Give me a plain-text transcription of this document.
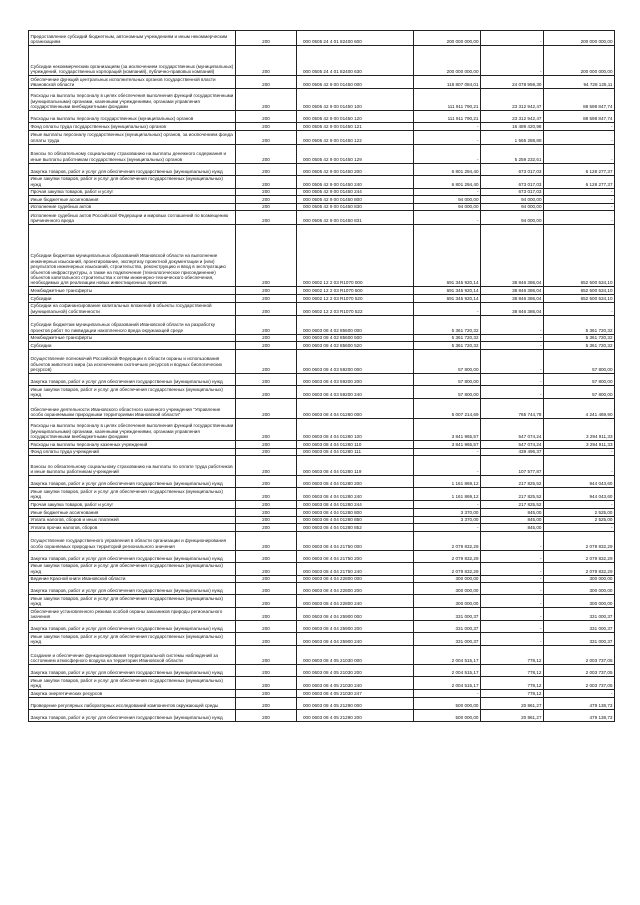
Предоставление субсидий бюджетным, автономным учреждениям и иным некоммерческим организациям	200	000 0505 24 4 01 82400 600	200 000 000,00	-	200 000 000,00
Субсидии некоммерческим организациям (за исключением государственных (муниципальных) учреждений, государственных корпораций (компаний), публично-правовых компаний)	200	000 0505 24 4 01 82400 630	200 000 000,00	-	200 000 000,00
Обеспечение функций центральных исполнительных органов государственной власти Ивановской области	200	000 0505 42 9 00 01450 000	118 807 084,01	24 078 959,30	94 728 125,11
Расходы на выплаты персоналу в целях обеспечения выполнения функций государственными (муниципальными) органами, казенными учреждениями, органами управления государственными внебюджетными фондами	200	000 0505 42 9 00 01450 100	111 911 790,21	23 312 942,47	88 598 847,74
Расходы на выплаты персоналу государственных (муниципальных) органов	200	000 0505 42 9 00 01450 120	111 911 790,21	23 312 942,47	88 598 847,74
Фонд оплаты труда государственных (муниципальных) органов	200	000 0505 42 9 00 01450 121	-	16 489 420,98	-
Иные выплаты персоналу государственных (муниципальных) органов, за исключением фонда оплаты труда	200	000 0505 42 9 00 01450 122	-	1 565 288,88	-
Взносы по обязательному социальному страхованию на выплаты денежного содержания и иные выплаты работникам государственных (муниципальных) органов	200	000 0505 42 9 00 01450 129	-	5 259 232,61	-
Закупка товаров, работ и услуг для обеспечения государственных (муниципальных) нужд	200	000 0505 42 9 00 01450 200	6 801 294,40	673 017,03	6 128 277,37
Иные закупки товаров, работ и услуг для обеспечения государственных (муниципальных) нужд	200	000 0505 42 9 00 01450 240	6 801 294,40	673 017,03	6 128 277,37
Прочая закупка товаров, работ и услуг	200	000 0505 42 9 00 01450 244	-	673 017,03	-
Иные бюджетные ассигнования	200	000 0505 42 9 00 01450 800	94 000,00	94 000,00	-
Исполнение судебных актов	200	000 0505 42 9 00 01450 830	94 000,00	94 000,00	-
Исполнение судебных актов Российской Федерации и мировых соглашений по возмещению причиненного вреда	200	000 0505 42 9 00 01450 831	-	94 000,00	-
Субсидии бюджетам муниципальных образований Ивановской области на выполнение инженерных изысканий, проектирование, экспертизу проектной документации и (или) результатов инженерных изысканий, строительство, реконструкцию и ввод в эксплуатацию объектов инфраструктуры, а также на подключение (технологическое присоединение) объектов капитального строительства к сетям инженерно-технического обеспечения, необходимых для реализации новых инвестиционных проектов	200	000 0602 12 2 03 R1070 000	691 345 920,14	38 846 386,04	652 500 534,10
Межбюджетные трансферты	200	000 0602 12 2 03 R1070 500	691 345 920,14	38 846 386,04	652 500 534,10
Субсидии	200	000 0602 12 2 03 R1070 520	691 345 920,14	38 846 386,04	652 500 534,10
Субсидии на софинансирование капитальных вложений в объекты государственной (муниципальной) собственности	200	000 0602 12 2 03 R1070 522	-	38 846 386,04	-
Субсидии бюджетам муниципальных образований Ивановской области на разработку проектов работ по ликвидации накопленного вреда окружающей среде	200	000 0603 08 4 02 85600 000	5 361 720,32	-	5 361 720,32
Межбюджетные трансферты	200	000 0603 08 4 02 85600 500	5 361 720,32	-	5 361 720,32
Субсидии	200	000 0603 08 4 02 85600 520	5 361 720,32	-	5 361 720,32
Осуществление полномочий Российской Федерации в области охраны и использования объектов животного мира (за исключением охотничьих ресурсов и водных биологических ресурсов)	200	000 0603 08 4 03 59200 000	57 800,00	-	57 800,00
Закупка товаров, работ и услуг для обеспечения государственных (муниципальных) нужд	200	000 0603 08 4 03 59200 200	57 800,00	-	57 800,00
Иные закупки товаров, работ и услуг для обеспечения государственных (муниципальных) нужд	200	000 0603 08 4 03 59200 240	57 800,00	-	57 800,00
Обеспечение деятельности Ивановского областного казенного учреждения "Управление особо охраняемыми природными территориями Ивановской области"	200	000 0603 08 4 04 01280 000	5 007 214,69	765 744,78	4 241 469,90
Расходы на выплаты персоналу в целях обеспечения выполнения функций государственными (муниципальными) органами, казенными учреждениями, органами управления государственными внебюджетными фондами	200	000 0603 08 4 04 01280 100	3 841 965,57	547 074,24	3 294 911,33
Расходы на выплаты персоналу казенных учреждений	200	000 0603 08 4 04 01280 110	3 841 965,57	547 074,24	3 294 911,33
Фонд оплаты труда учреждений	200	000 0603 08 4 04 01280 111	-	439 496,37	-
Взносы по обязательному социальному страхованию на выплаты по оплате труда работников и иные выплаты работникам учреждений	200	000 0603 08 4 04 01280 119	-	107 577,87	-
Закупка товаров, работ и услуг для обеспечения государственных (муниципальных) нужд	200	000 0603 08 4 04 01280 200	1 161 869,12	217 825,52	944 043,60
Иные закупки товаров, работ и услуг для обеспечения государственных (муниципальных) нужд	200	000 0603 08 4 04 01280 240	1 161 869,12	217 825,52	944 043,60
Прочая закупка товаров, работ и услуг	200	000 0603 08 4 04 01280 244	-	217 825,52	-
Иные бюджетные ассигнования	200	000 0603 08 4 04 01280 800	3 370,00	845,00	2 525,00
Уплата налогов, сборов и иных платежей	200	000 0603 08 4 04 01280 850	3 370,00	845,00	2 525,00
Уплата прочих налогов, сборов	200	000 0603 08 4 04 01280 852	-	845,00	-
Осуществление государственного управления в области организации и функционирования особо охраняемых природных территорий регионального значения	200	000 0603 08 4 04 21750 000	2 079 832,29	-	2 079 832,29
Закупка товаров, работ и услуг для обеспечения государственных (муниципальных) нужд	200	000 0603 08 4 04 21750 200	2 079 832,29	-	2 079 832,29
Иные закупки товаров, работ и услуг для обеспечения государственных (муниципальных) нужд	200	000 0603 08 4 04 21750 240	2 079 832,29	-	2 079 832,29
Ведение Красной книги Ивановской области	200	000 0603 08 4 04 22800 000	300 000,00	-	300 000,00
Закупка товаров, работ и услуг для обеспечения государственных (муниципальных) нужд	200	000 0603 08 4 04 22800 200	300 000,00	-	300 000,00
Иные закупки товаров, работ и услуг для обеспечения государственных (муниципальных) нужд	200	000 0603 08 4 04 22800 240	300 000,00	-	300 000,00
Обеспечение установленного режима особой охраны заказников природы регионального значения	200	000 0603 08 4 04 25900 000	331 000,37	-	331 000,37
Закупка товаров, работ и услуг для обеспечения государственных (муниципальных) нужд	200	000 0603 08 4 04 25900 200	331 000,37	-	331 000,37
Иные закупки товаров, работ и услуг для обеспечения государственных (муниципальных) нужд	200	000 0603 08 4 04 25900 240	331 000,37	-	331 000,37
Создание и обеспечение функционирования территориальной системы наблюдений за состоянием атмосферного воздуха на территории Ивановской области	200	000 0603 08 4 05 21030 000	2 004 515,17	778,12	2 003 737,05
Закупка товаров, работ и услуг для обеспечения государственных (муниципальных) нужд	200	000 0603 08 4 05 21030 200	2 004 515,17	778,12	2 003 737,05
Иные закупки товаров, работ и услуг для обеспечения государственных (муниципальных) нужд	200	000 0603 08 4 05 21030 240	2 004 515,17	778,12	2 003 737,05
Закупка энергетических ресурсов	200	000 0603 08 4 05 21030 247	-	778,12	-
Проведение регулярных лабораторных исследований компонентов окружающей среды	200	000 0603 08 4 05 21290 000	500 000,00	20 861,27	479 138,73
Закупка товаров, работ и услуг для обеспечения государственных (муниципальных) нужд	200	000 0603 08 4 05 21290 200	500 000,00	20 861,27	479 138,73
